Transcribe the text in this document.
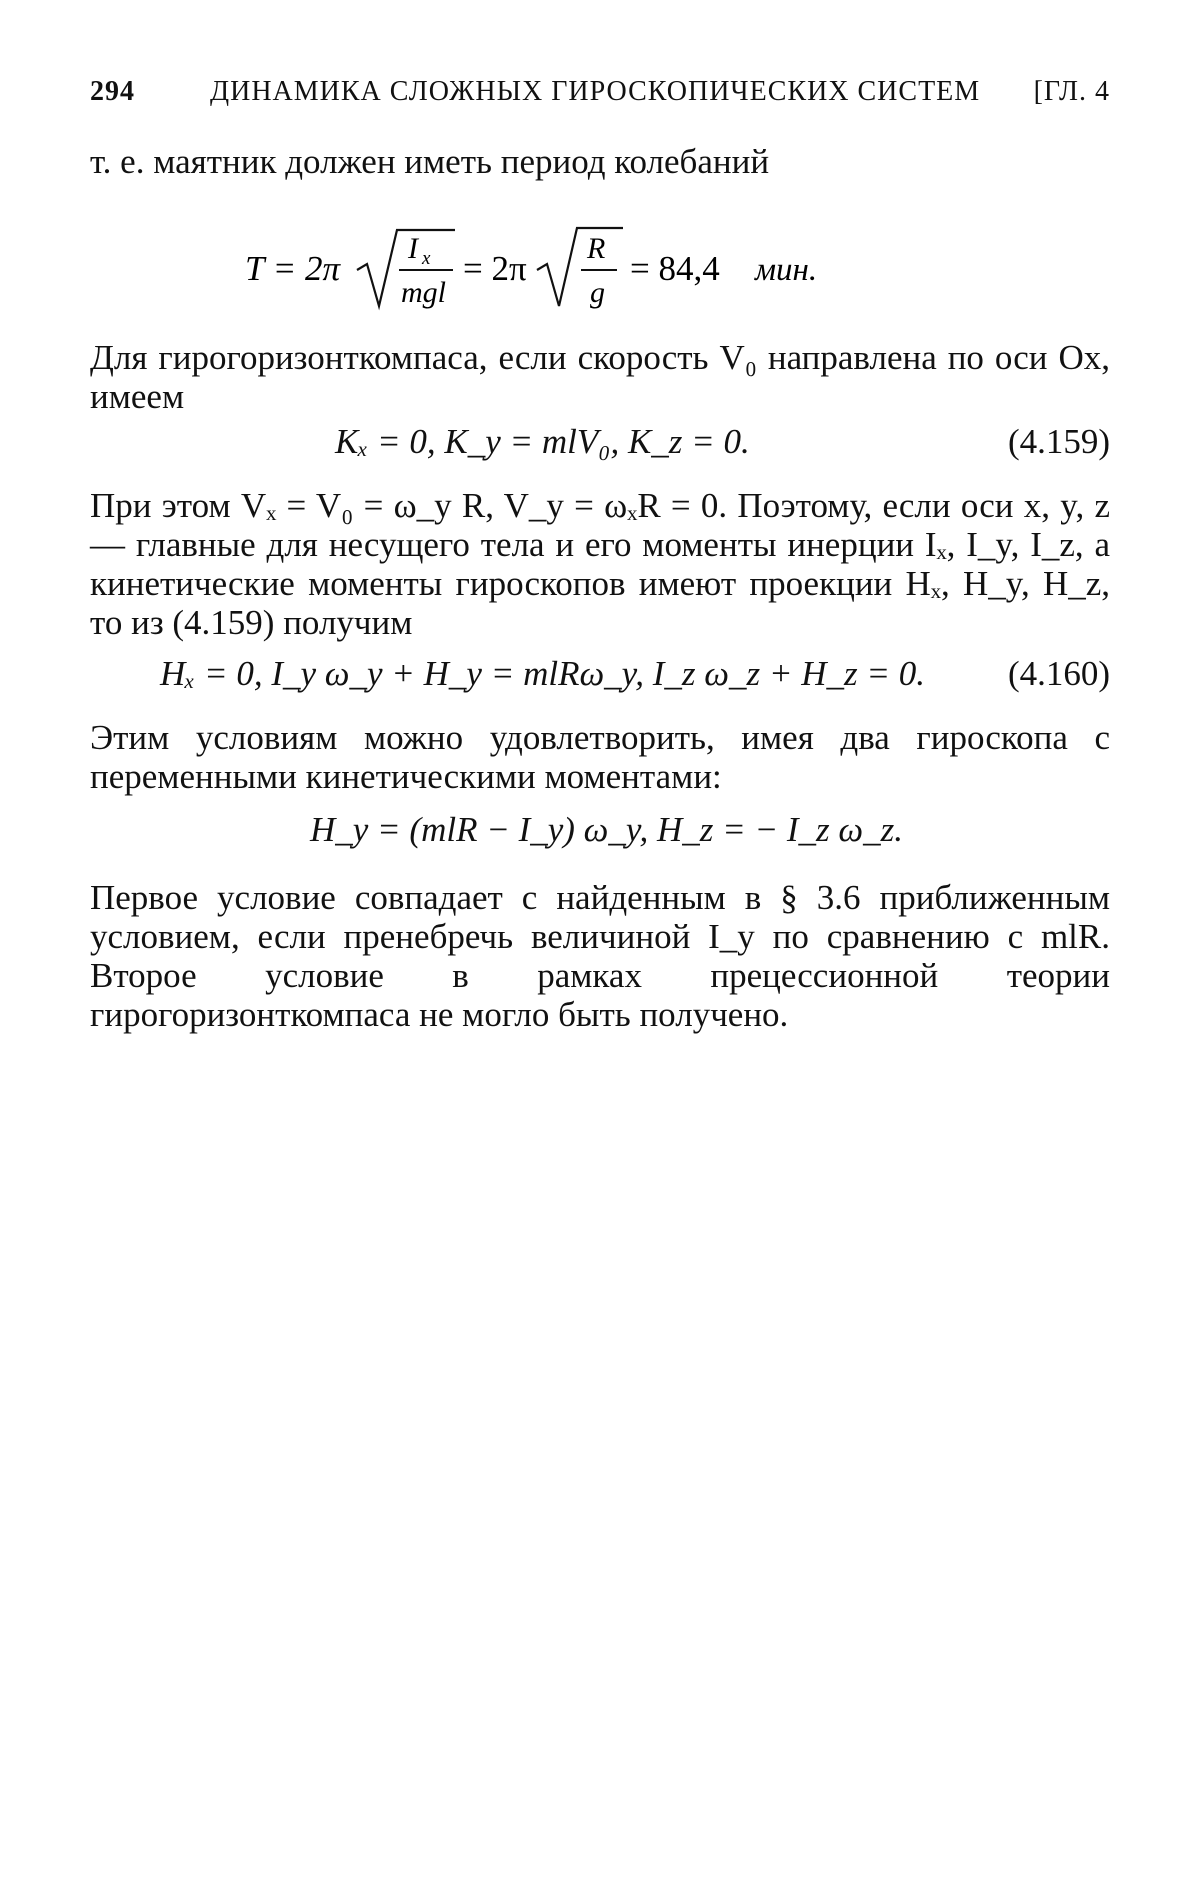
294	ДИНАМИКА СЛОЖНЫХ ГИРОСКОПИЧЕСКИХ СИСТЕМ [ГЛ. 4
т. е. маятник должен иметь период колебаний
T = 2π
I x
mgl
= 2π
R
g
= 84,4 мин.
Для гирогоризонткомпаса, если скорость V₀ направлена по оси Ox, имеем
Kₓ = 0, K_y = mlV₀, K_z = 0.	(4.159)
При этом Vₓ = V₀ = ω_y R, V_y = ωₓR = 0. Поэтому, если оси x, y, z — главные для несущего тела и его моменты инерции Iₓ, I_y, I_z, а кинетические моменты гироскопов имеют проекции Hₓ, H_y, H_z, то из (4.159) получим
Hₓ = 0, I_y ω_y + H_y = mlRω_y, I_z ω_z + H_z = 0. (4.160)
Этим условиям можно удовлетворить, имея два гироскопа с переменными кинетическими моментами:
H_y = (mlR − I_y) ω_y, H_z = − I_z ω_z.
Первое условие совпадает с найденным в § 3.6 приближенным условием, если пренебречь величиной I_y по сравнению с mlR. Второе условие в рамках прецессионной теории гирогоризонткомпаса не могло быть получено.
